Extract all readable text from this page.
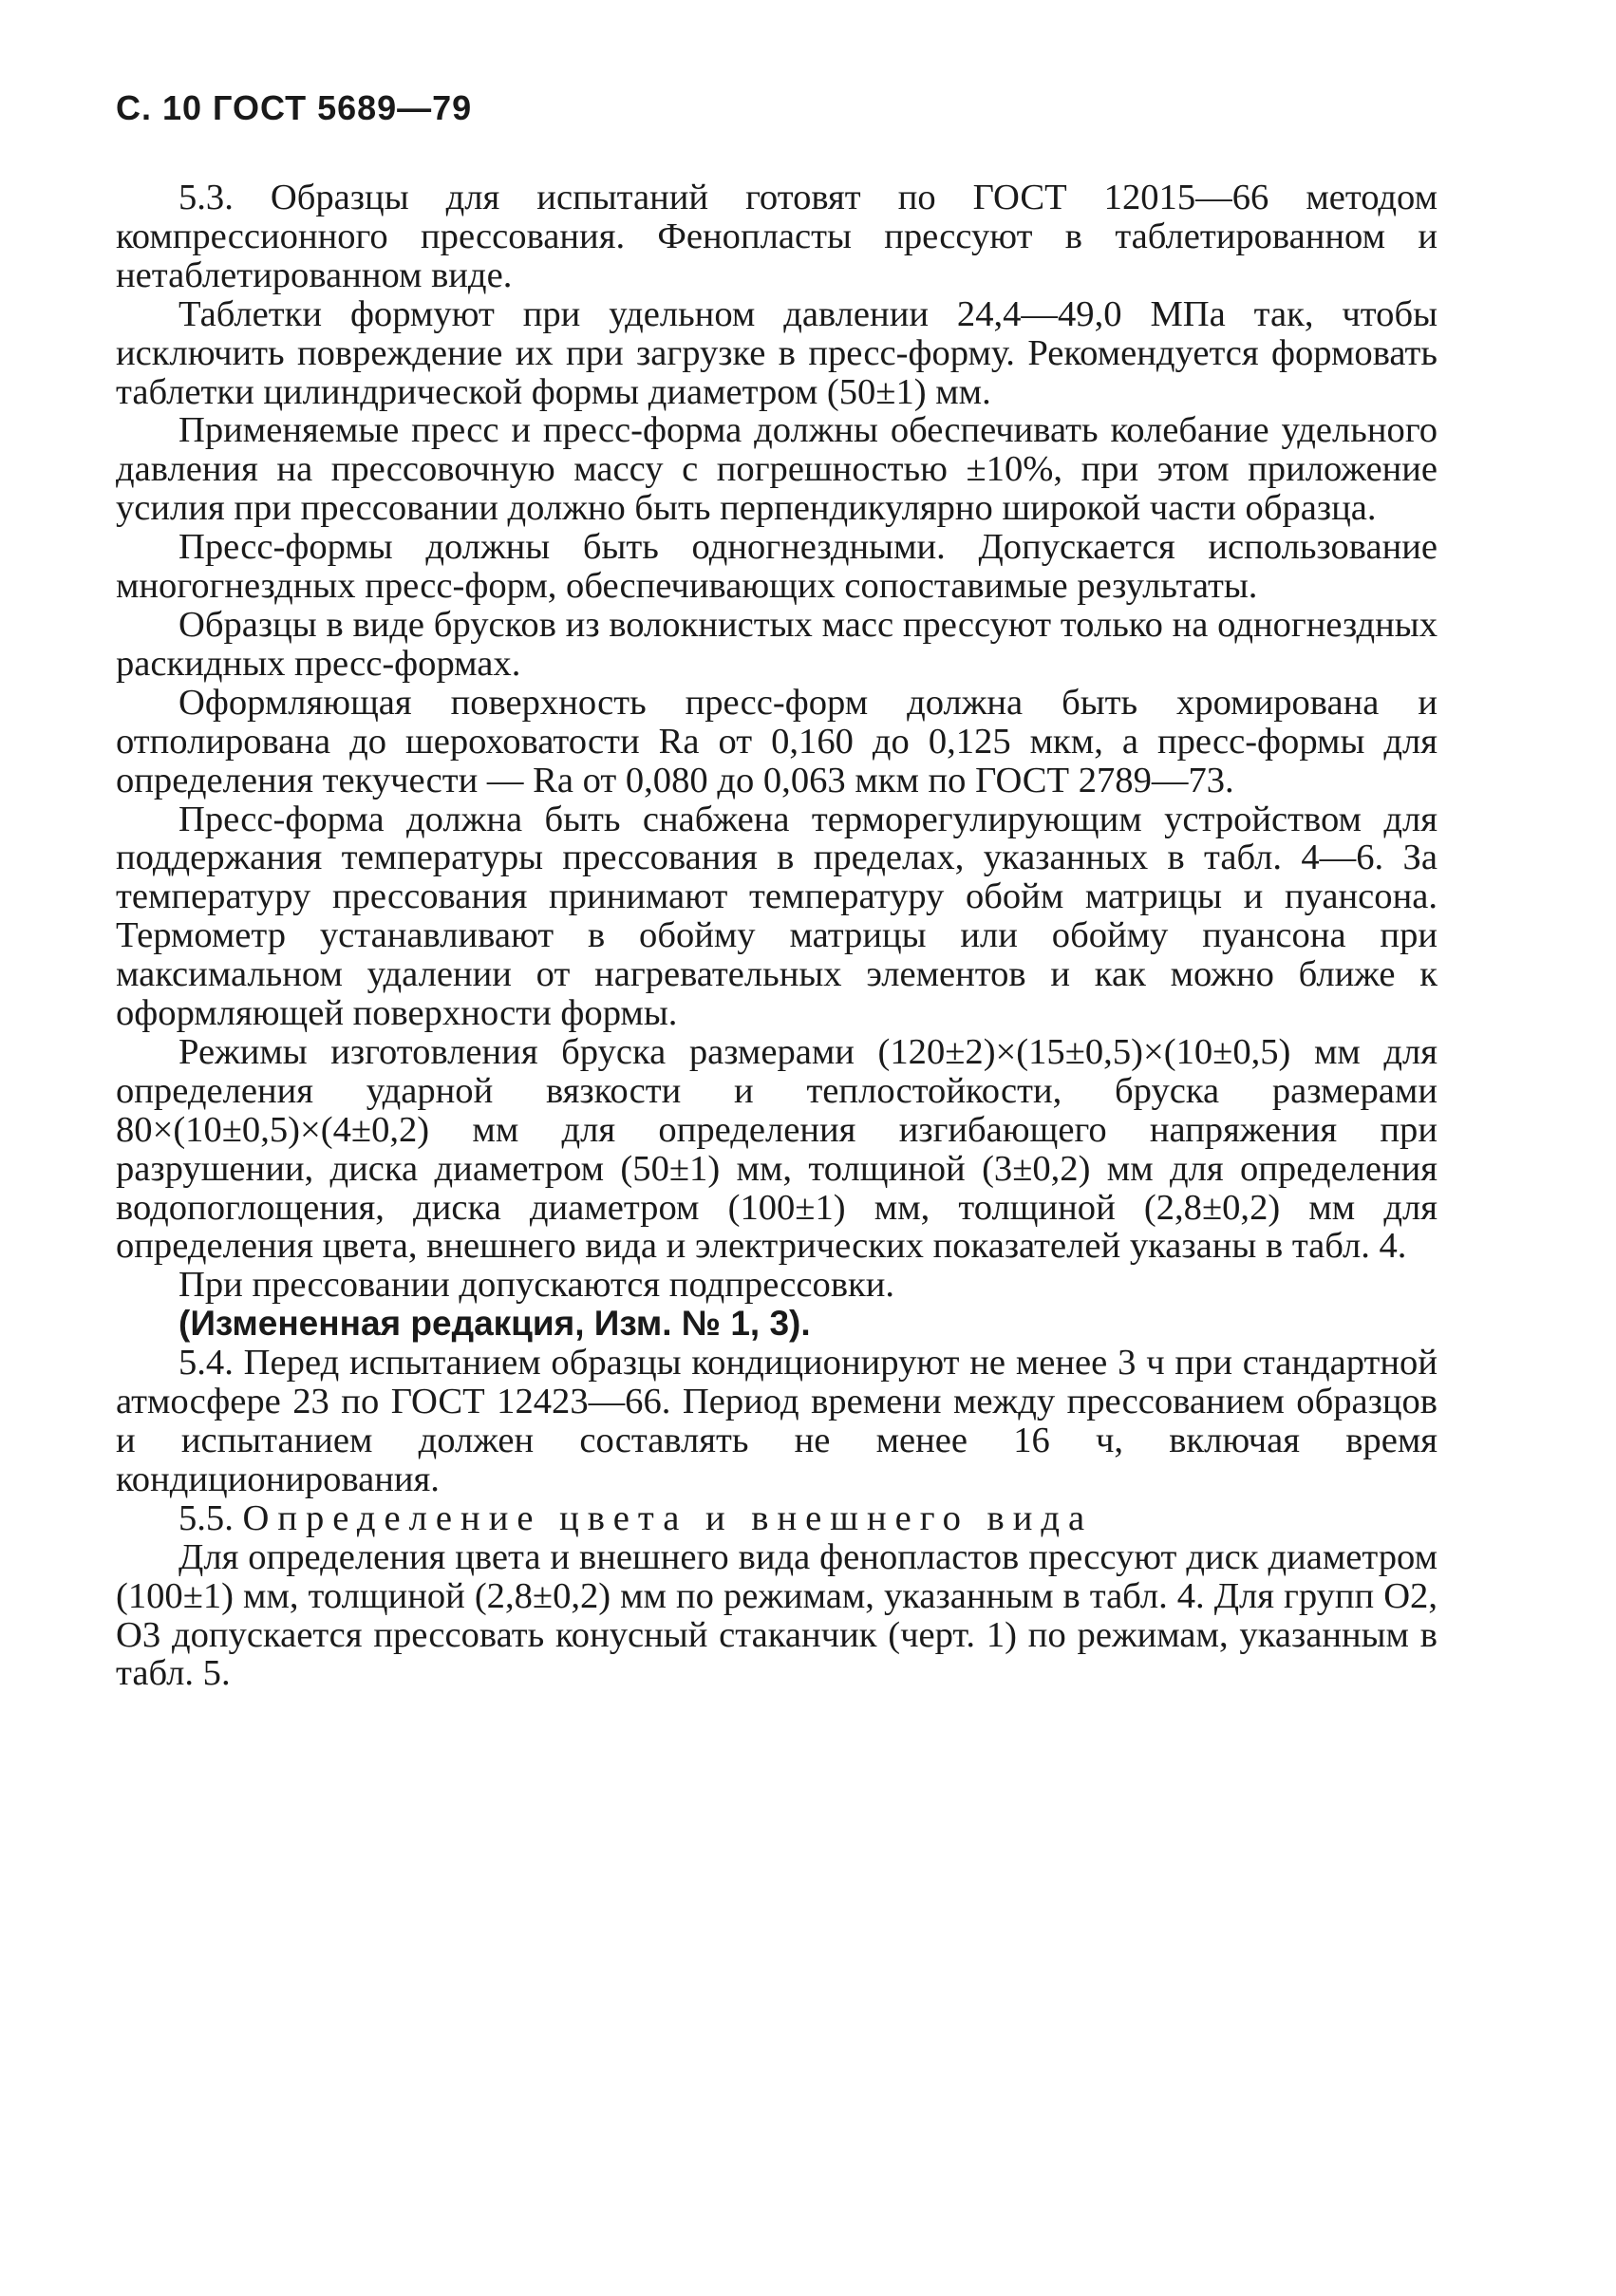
С. 10 ГОСТ 5689—79

5.3. Образцы для испытаний готовят по ГОСТ 12015—66 методом компрессионного прессования. Фенопласты прессуют в таблетированном и нетаблетированном виде.

Таблетки формуют при удельном давлении 24,4—49,0 МПа так, чтобы исключить повреждение их при загрузке в пресс-форму. Рекомендуется формовать таблетки цилиндрической формы диаметром (50±1) мм.

Применяемые пресс и пресс-форма должны обеспечивать колебание удельного давления на прессовочную массу с погрешностью ±10%, при этом приложение усилия при прессовании должно быть перпендикулярно широкой части образца.

Пресс-формы должны быть одногнездными. Допускается использование многогнездных пресс-форм, обеспечивающих сопоставимые результаты.

Образцы в виде брусков из волокнистых масс прессуют только на одногнездных раскидных пресс-формах.

Оформляющая поверхность пресс-форм должна быть хромирована и отполирована до шероховатости Ra от 0,160 до 0,125 мкм, а пресс-формы для определения текучести — Ra от 0,080 до 0,063 мкм по ГОСТ 2789—73.

Пресс-форма должна быть снабжена терморегулирующим устройством для поддержания температуры прессования в пределах, указанных в табл. 4—6. За температуру прессования принимают температуру обойм матрицы и пуансона. Термометр устанавливают в обойму матрицы или обойму пуансона при максимальном удалении от нагревательных элементов и как можно ближе к оформляющей поверхности формы.

Режимы изготовления бруска размерами (120±2)×(15±0,5)×(10±0,5) мм для определения ударной вязкости и теплостойкости, бруска размерами 80×(10±0,5)×(4±0,2) мм для определения изгибающего напряжения при разрушении, диска диаметром (50±1) мм, толщиной (3±0,2) мм для определения водопоглощения, диска диаметром (100±1) мм, толщиной (2,8±0,2) мм для определения цвета, внешнего вида и электрических показателей указаны в табл. 4.

При прессовании допускаются подпрессовки.

(Измененная редакция, Изм. № 1, 3).

5.4. Перед испытанием образцы кондиционируют не менее 3 ч при стандартной атмосфере 23 по ГОСТ 12423—66. Период времени между прессованием образцов и испытанием должен составлять не менее 16 ч, включая время кондиционирования.

5.5. Определение цвета и внешнего вида

Для определения цвета и внешнего вида фенопластов прессуют диск диаметром (100±1) мм, толщиной (2,8±0,2) мм по режимам, указанным в табл. 4. Для групп О2, О3 допускается прессовать конусный стаканчик (черт. 1) по режимам, указанным в табл. 5.
